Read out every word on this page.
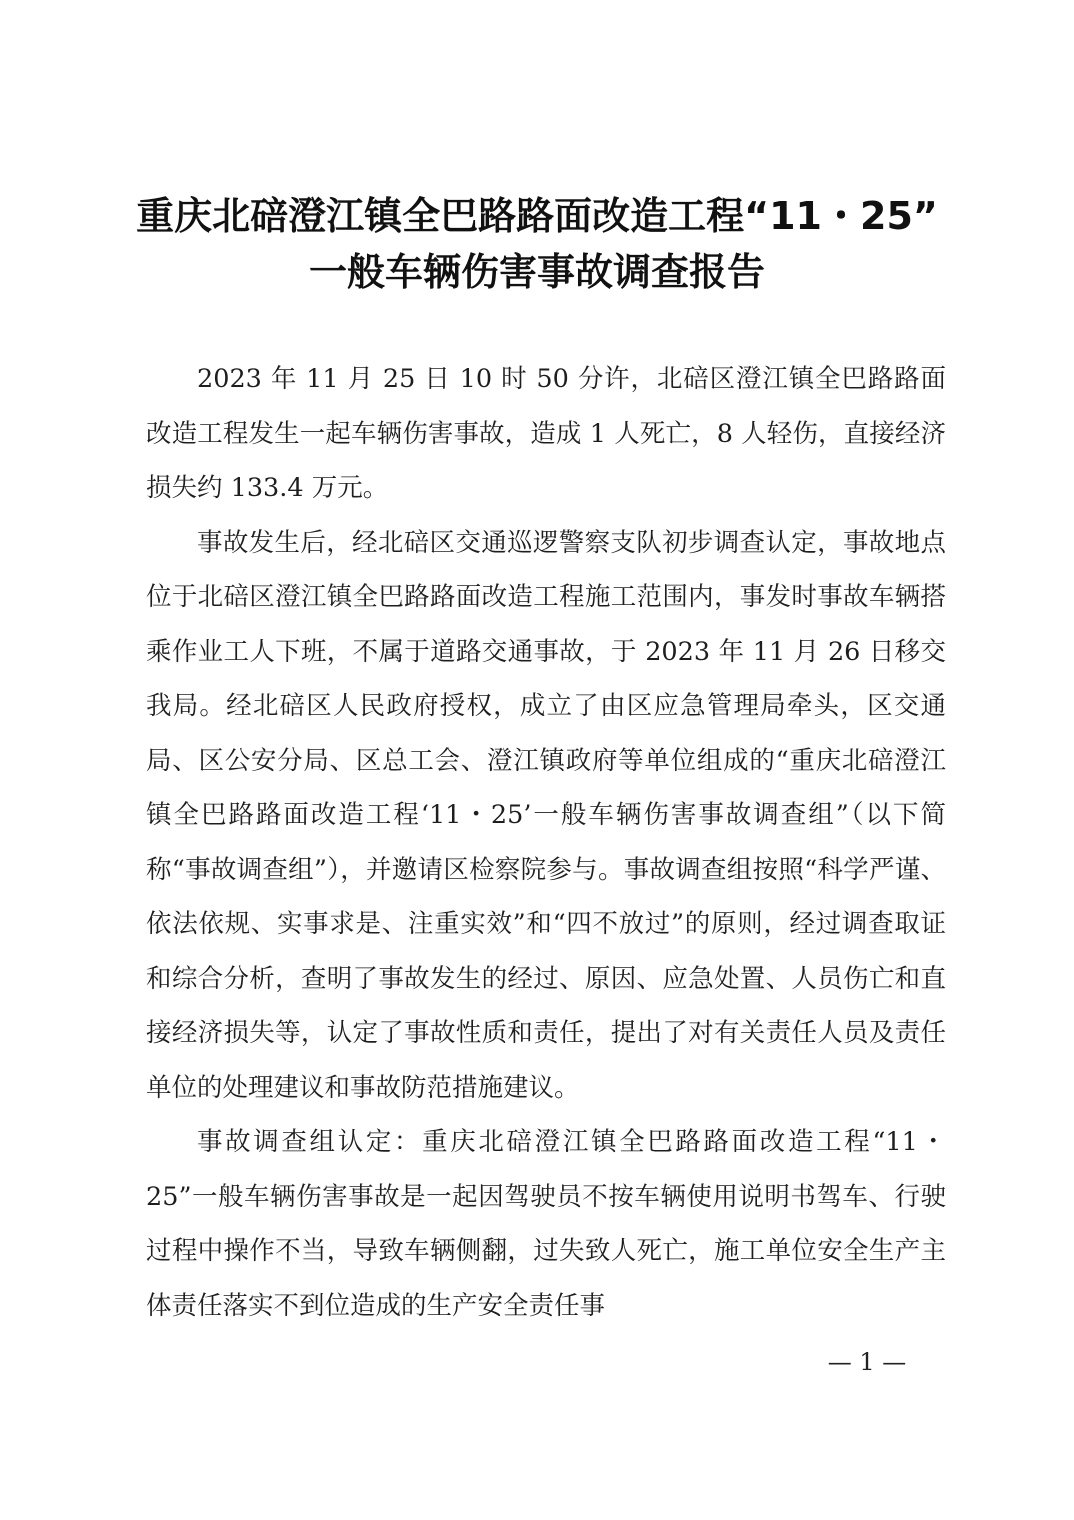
重庆北碚澄江镇全巴路路面改造工程“11・25”
一般车辆伤害事故调查报告

2023 年 11 月 25 日 10 时 50 分许，北碚区澄江镇全巴路路面改造工程发生一起车辆伤害事故，造成 1 人死亡，8 人轻伤，直接经济损失约 133.4 万元。

事故发生后，经北碚区交通巡逻警察支队初步调查认定，事故地点位于北碚区澄江镇全巴路路面改造工程施工范围内，事发时事故车辆搭乘作业工人下班，不属于道路交通事故，于 2023 年 11 月 26 日移交我局。经北碚区人民政府授权，成立了由区应急管理局牵头，区交通局、区公安分局、区总工会、澄江镇政府等单位组成的“重庆北碚澄江镇全巴路路面改造工程‘11・25’一般车辆伤害事故调查组”（以下简称“事故调查组”），并邀请区检察院参与。事故调查组按照“科学严谨、依法依规、实事求是、注重实效”和“四不放过”的原则，经过调查取证和综合分析，查明了事故发生的经过、原因、应急处置、人员伤亡和直接经济损失等，认定了事故性质和责任，提出了对有关责任人员及责任单位的处理建议和事故防范措施建议。

事故调查组认定：重庆北碚澄江镇全巴路路面改造工程“11・25”一般车辆伤害事故是一起因驾驶员不按车辆使用说明书驾车、行驶过程中操作不当，导致车辆侧翻，过失致人死亡，施工单位安全生产主体责任落实不到位造成的生产安全责任事

— 1 —
